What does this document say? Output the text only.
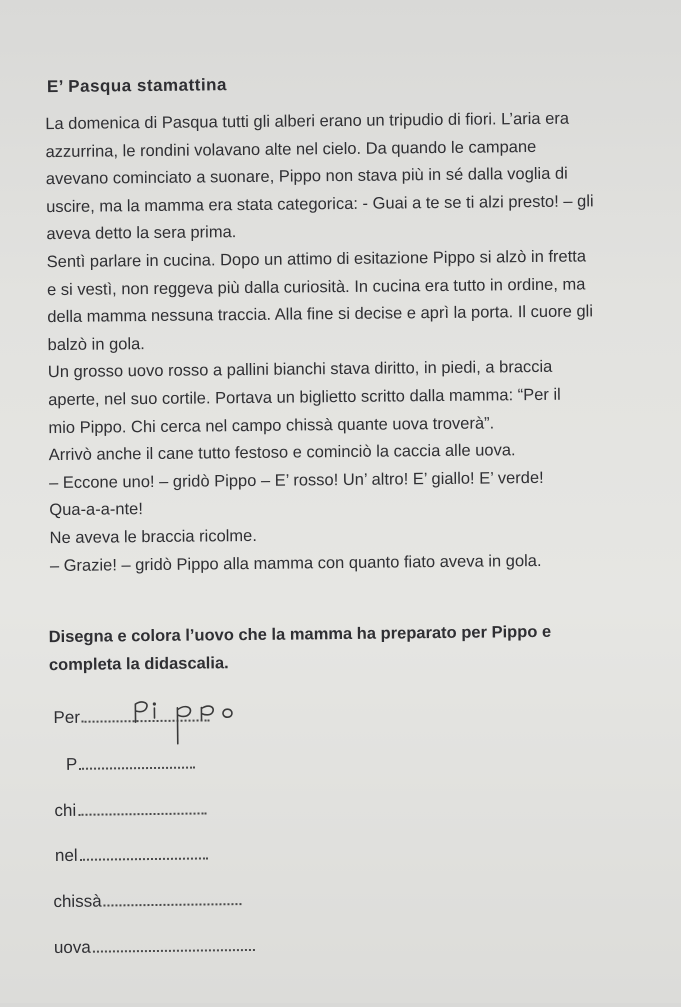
E’ Pasqua stamattina

La domenica di Pasqua tutti gli alberi erano un tripudio di fiori. L’aria era

azzurrina, le rondini volavano alte nel cielo. Da quando le campane

avevano cominciato a suonare, Pippo non stava più in sé dalla voglia di

uscire, ma la mamma era stata categorica: - Guai a te se ti alzi presto! – gli

aveva detto la sera prima.

Sentì parlare in cucina. Dopo un attimo di esitazione Pippo si alzò in fretta

e si vestì, non reggeva più dalla curiosità. In cucina era tutto in ordine, ma

della mamma nessuna traccia. Alla fine si decise e aprì la porta. Il cuore gli

balzò in gola.

Un grosso uovo rosso a pallini bianchi stava diritto, in piedi, a braccia

aperte, nel suo cortile. Portava un biglietto scritto dalla mamma: “Per il

mio Pippo. Chi cerca nel campo chissà quante uova troverà”.

Arrivò anche il cane tutto festoso e cominciò la caccia alle uova.

– Eccone uno! – gridò Pippo – E’ rosso! Un’ altro! E’ giallo! E’ verde!

Qua-a-a-nte!

Ne aveva le braccia ricolme.

– Grazie! – gridò Pippo alla mamma con quanto fiato aveva in gola.

Disegna e colora l’uovo che la mamma ha preparato per Pippo e

completa la didascalia.

Per
P
chi
nel
chissà
uova
